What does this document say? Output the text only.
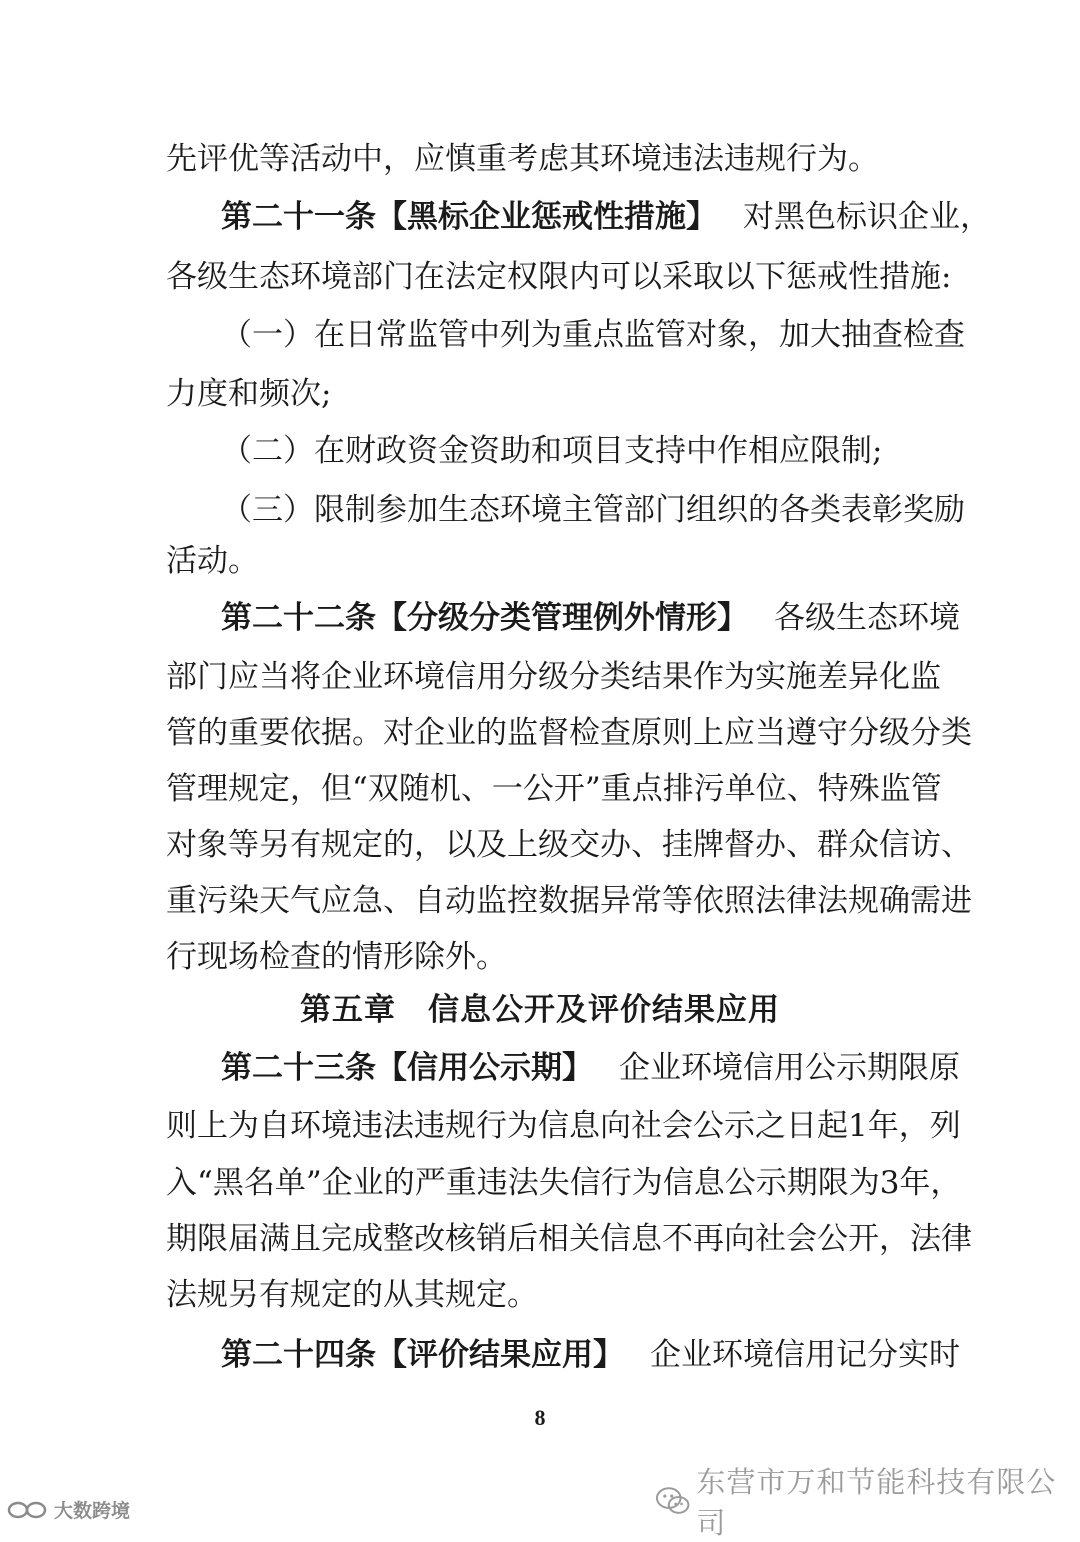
先评优等活动中，应慎重考虑其环境违法违规行为。
第二十一条【黑标企业惩戒性措施】 对黑色标识企业，
各级生态环境部门在法定权限内可以采取以下惩戒性措施:
（一）在日常监管中列为重点监管对象，加大抽查检查
力度和频次;
（二）在财政资金资助和项目支持中作相应限制;
（三）限制参加生态环境主管部门组织的各类表彰奖励
活动。
第二十二条【分级分类管理例外情形】 各级生态环境
部门应当将企业环境信用分级分类结果作为实施差异化监
管的重要依据。对企业的监督检查原则上应当遵守分级分类
管理规定，但“双随机、一公开”重点排污单位、特殊监管
对象等另有规定的，以及上级交办、挂牌督办、群众信访、
重污染天气应急、自动监控数据异常等依照法律法规确需进
行现场检查的情形除外。
第五章　信息公开及评价结果应用
第二十三条【信用公示期】 企业环境信用公示期限原
则上为自环境违法违规行为信息向社会公示之日起1年，列
入“黑名单”企业的严重违法失信行为信息公示期限为3年，
期限届满且完成整改核销后相关信息不再向社会公开，法律
法规另有规定的从其规定。
第二十四条【评价结果应用】 企业环境信用记分实时
8
东营市万和节能科技有限公司
大数跨境
